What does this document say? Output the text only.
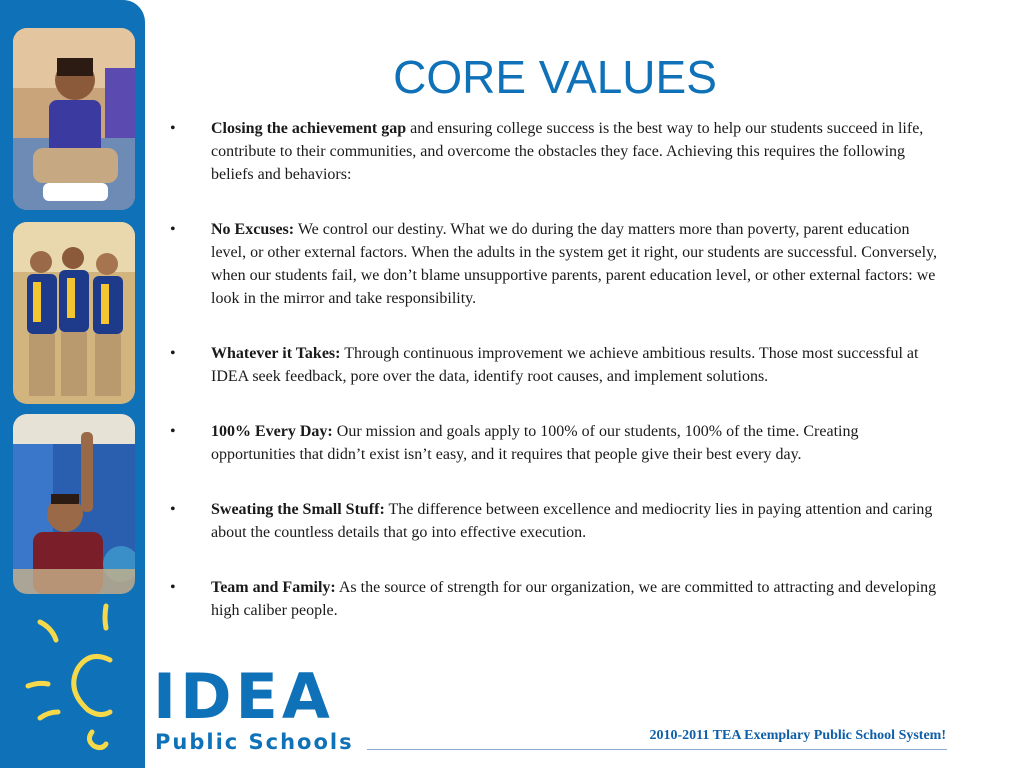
IDEA
Public Schools
CORE VALUES
• Closing the achievement gap and ensuring college success is the best way to help our students succeed in life, contribute to their communities, and overcome the obstacles they face. Achieving this requires the following beliefs and behaviors:
• No Excuses: We control our destiny. What we do during the day matters more than poverty, parent education level, or other external factors. When the adults in the system get it right, our students are successful. Conversely, when our students fail, we don’t blame unsupportive parents, parent education level, or other external factors: we look in the mirror and take responsibility.
• Whatever it Takes: Through continuous improvement we achieve ambitious results. Those most successful at IDEA seek feedback, pore over the data, identify root causes, and implement solutions.
• 100% Every Day: Our mission and goals apply to 100% of our students, 100% of the time. Creating opportunities that didn’t exist isn’t easy, and it requires that people give their best every day.
• Sweating the Small Stuff: The difference between excellence and mediocrity lies in paying attention and caring about the countless details that go into effective execution.
• Team and Family: As the source of strength for our organization, we are committed to attracting and developing high caliber people.
2010-2011 TEA Exemplary Public School System!
